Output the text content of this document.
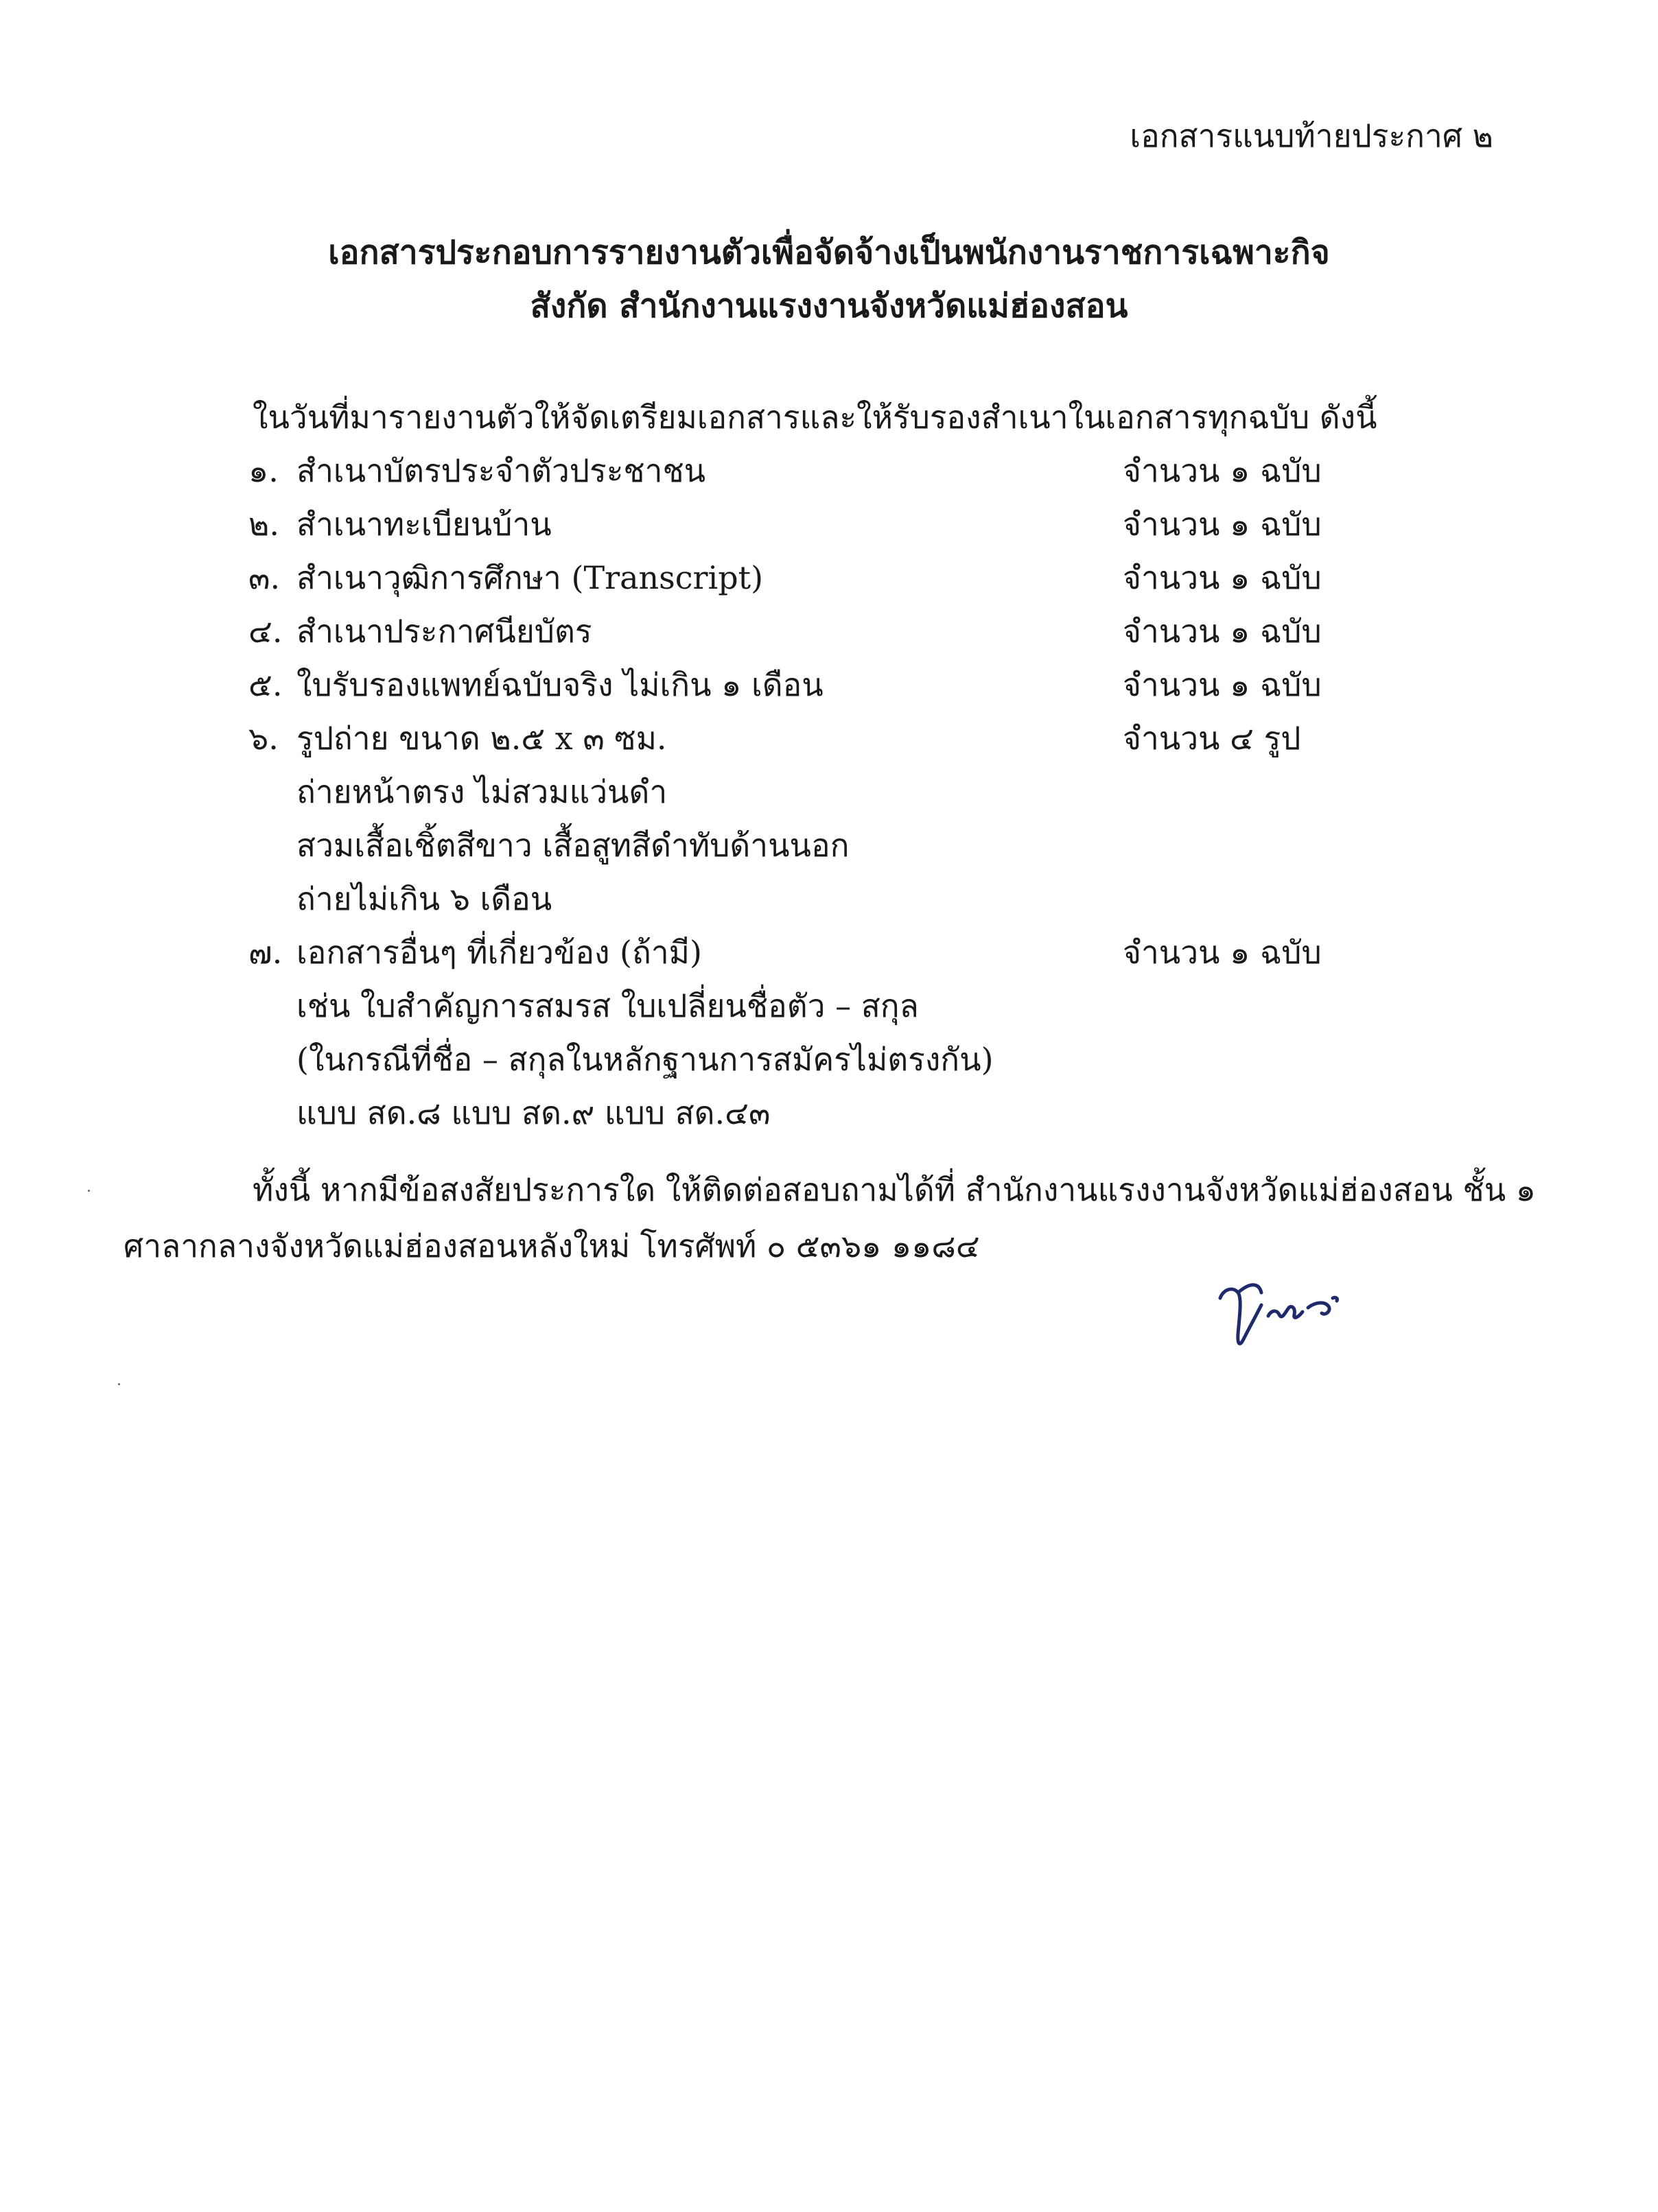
เอกสารแนบท้ายประกาศ ๒
เอกสารประกอบการรายงานตัวเพื่อจัดจ้างเป็นพนักงานราชการเฉพาะกิจ
สังกัด สำนักงานแรงงานจังหวัดแม่ฮ่องสอน
ในวันที่มารายงานตัวให้จัดเตรียมเอกสารและให้รับรองสำเนาในเอกสารทุกฉบับ ดังนี้
๑. สำเนาบัตรประจำตัวประชาชน	จำนวน ๑ ฉบับ
๒. สำเนาทะเบียนบ้าน	จำนวน ๑ ฉบับ
๓. สำเนาวุฒิการศึกษา (Transcript)	จำนวน ๑ ฉบับ
๔. สำเนาประกาศนียบัตร	จำนวน ๑ ฉบับ
๕. ใบรับรองแพทย์ฉบับจริง ไม่เกิน ๑ เดือน	จำนวน ๑ ฉบับ
๖. รูปถ่าย ขนาด ๒.๕ x ๓ ซม.	จำนวน ๔ รูป
ถ่ายหน้าตรง ไม่สวมแว่นดำ
สวมเสื้อเชิ้ตสีขาว เสื้อสูทสีดำทับด้านนอก
ถ่ายไม่เกิน ๖ เดือน
๗. เอกสารอื่นๆ ที่เกี่ยวข้อง (ถ้ามี)	จำนวน ๑ ฉบับ
เช่น ใบสำคัญการสมรส ใบเปลี่ยนชื่อตัว – สกุล
(ในกรณีที่ชื่อ – สกุลในหลักฐานการสมัครไม่ตรงกัน)
แบบ สด.๘ แบบ สด.๙ แบบ สด.๔๓
ทั้งนี้ หากมีข้อสงสัยประการใด ให้ติดต่อสอบถามได้ที่ สำนักงานแรงงานจังหวัดแม่ฮ่องสอน ชั้น ๑
ศาลากลางจังหวัดแม่ฮ่องสอนหลังใหม่ โทรศัพท์ ๐ ๕๓๖๑ ๑๑๘๔
